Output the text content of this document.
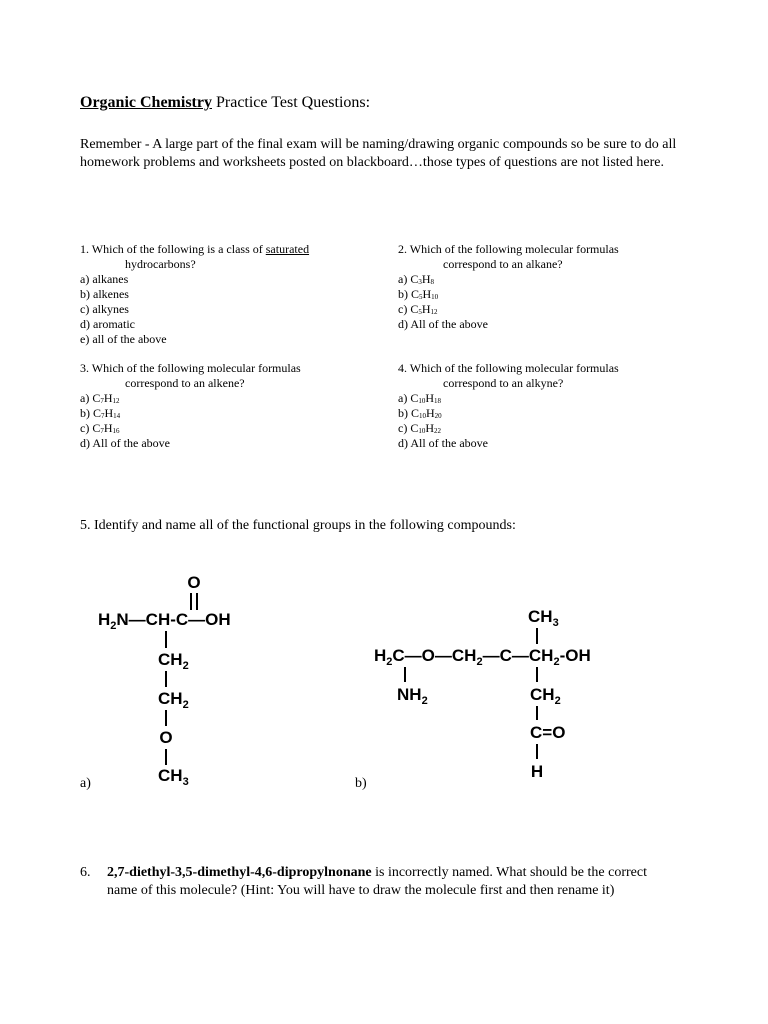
Organic Chemistry Practice Test Questions:
Remember - A large part of the final exam will be naming/drawing organic compounds so be sure to do all homework problems and worksheets posted on blackboard…those types of questions are not listed here.
1. Which of the following is a class of saturated
hydrocarbons?
a) alkanes
b) alkenes
c) alkynes
d) aromatic
e) all of the above
2. Which of the following molecular formulas
correspond to an alkane?
a) $C_3H_8$
b) $C_5H_{10}$
c) $C_5H_{12}$
d) All of the above
3. Which of the following molecular formulas
correspond to an alkene?
a) $C_7H_{12}$
b) $C_7H_{14}$
c) $C_7H_{16}$
d) All of the above
4. Which of the following molecular formulas
correspond to an alkyne?
a) $C_{10}H_{18}$
b) $C_{10}H_{20}$
c) $C_{10}H_{22}$
d) All of the above
5. Identify and name all of the functional groups in the following compounds:
O
$H_2N—CH-C—OH$
$CH_2$
$CH_2$
O
$CH_3$
a)
$CH_3$
$H_2C—O—CH_2—C—CH_2-OH$
$NH_2$	$CH_2$
C=O
H
b)
6. 2,7-diethyl-3,5-dimethyl-4,6-dipropylnonane is incorrectly named. What should be the correct name of this molecule? (Hint: You will have to draw the molecule first and then rename it)
